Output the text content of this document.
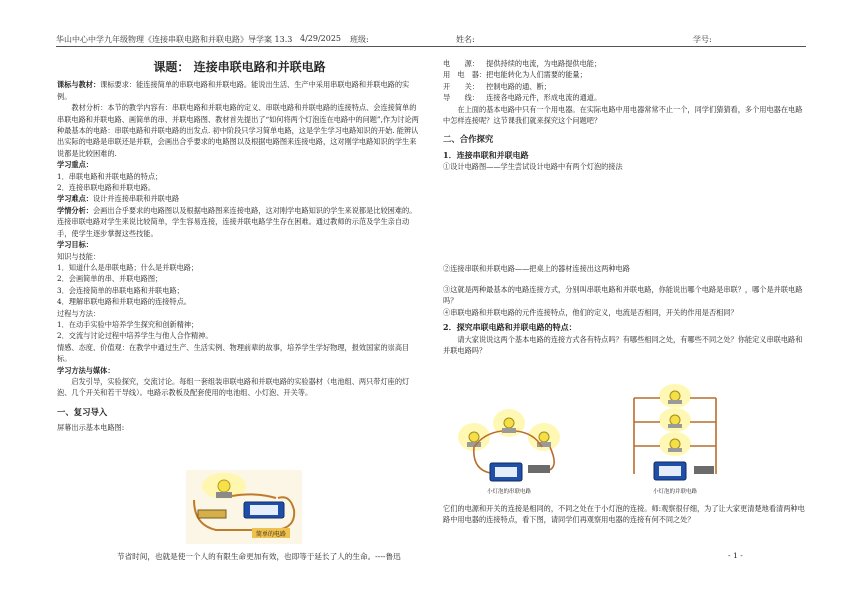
华山中心中学九年级物理《连接串联电路和并联电路》导学案 13.3 4/29/2025 班级:	姓名:	学号:

课题： 连接串联电路和并联电路

课标与教材：课标要求：能连接简单的串联电路和并联电路。能说出生活、生产中采用串联电路和并联电路的实例。

教材分析：本节的教学内容有：串联电路和并联电路的定义、串联电路和并联电路的连接特点、会连接简单的串联电路和并联电路、画简单的串、并联电路图、教材首先提出了“如何将两个灯泡连在电路中的问题”,作为讨论两种最基本的电路：串联电路和并联电路的出发点. 初中阶段只学习简单电路，这是学生学习电路知识的开始. 能辨认出实际的电路是串联还是并联，会画出合乎要求的电路图以及根据电路图来连接电路，这对刚学电路知识的学生来说都是比较困难的.

学习重点：

1．串联电路和并联电路的特点；

2．连接串联电路和并联电路。

学习难点：设计并连接串联和并联电路

学情分析：会画出合乎要求的电路图以及根据电路图来连接电路，这对刚学电路知识的学生来说都是比较困难的。连接串联电路对学生来说比较简单，学生容易连接，连接并联电路学生存在困难。通过教师的示范及学生亲自动手，使学生逐步掌握这些技能。

学习目标：

知识与技能：

1．知道什么是串联电路；什么是并联电路；

2．会画简单的串、并联电路图；

3．会连接简单的串联电路和并联电路；

4．理解串联电路和并联电路的连接特点。

过程与方法：

1．在动手实验中培养学生探究和创新精神；

2．交流与讨论过程中培养学生与他人合作精神。

情感、态度、价值观：在教学中通过生产、生活实例、物理前辈的故事，培养学生学好物理，报效国家的崇高目标。

学习方法与媒体：

启发引导，实验探究，交流讨论。每组一套组装串联电路和并联电路的实验器材（电池组、两只带灯座的灯泡、几个开关和若干导线）。电路示教板及配套使用的电池组、小灯泡、开关等。

一、复习导入

屏幕出示基本电路图:

简单的电路
电　　源：	提供持续的电流，为电路提供电能；
用　电　器：	把电能转化为人们需要的能量；
开　　关：	控制电路的通、断；
导　　线：	连接各电路元件，形成电流的通道。

在上面的基本电路中只有一个用电器。在实际电路中用电器常常不止一个，同学们猜猜看，多个用电器在电路中怎样连接呢？这节课我们就来探究这个问题吧？

二、合作探究

1．连接串联和并联电路

①设计电路图——学生尝试设计电路中有两个灯泡的接法

②连接串联和并联电路——把桌上的器材连接出这两种电路

③这就是两种最基本的电路连接方式，分别叫串联电路和并联电路，你能说出哪个电路是串联？，哪个是并联电路吗？

④串联电路和并联电路的元件连接特点，他们的定义，电流是否相同，开关的作用是否相同？

2．探究串联电路和并联电路的特点：

请大家说说这两个基本电路的连接方式各有特点吗？有哪些相同之处，有哪些不同之处？你能定义串联电路和并联电路吗？

小灯泡的串联电路	小灯泡的并联电路

它们的电源和开关的连接是相同的，不同之处在于小灯泡的连接。师:观察很仔细，为了让大家更清楚地看清两种电路中用电器的连接特点，看下图，请同学们再观察用电器的连接有何不同之处？

节省时间，也就是使一个人的有限生命更加有效，也即等于延长了人的生命。----鲁迅	- 1 -
